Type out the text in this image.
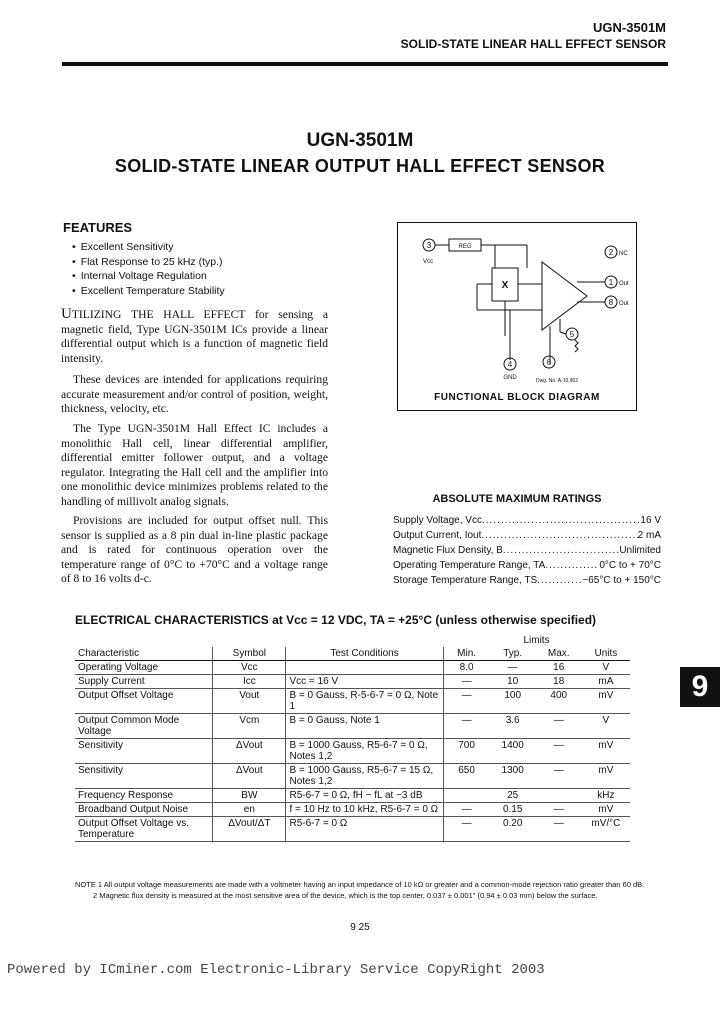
UGN-3501M
SOLID-STATE LINEAR HALL EFFECT SENSOR
UGN-3501M
SOLID-STATE LINEAR OUTPUT HALL EFFECT SENSOR
FEATURES
• Excellent Sensitivity
• Flat Response to 25 kHz (typ.)
• Internal Voltage Regulation
• Excellent Temperature Stability

UTILIZING THE HALL EFFECT for sensing a magnetic field, Type UGN-3501M ICs provide a linear differential output which is a function of magnetic field intensity.

These devices are intended for applications requiring accurate measurement and/or control of position, weight, thickness, velocity, etc.

The Type UGN-3501M Hall Effect IC includes a monolithic Hall cell, linear differential amplifier, differential emitter follower output, and a voltage regulator. Integrating the Hall cell and the amplifier into one monolithic device minimizes problems related to the handling of millivolt analog signals.

Provisions are included for output offset null. This sensor is supplied as a 8 pin dual in-line plastic package and is rated for continuous operation over the temperature range of 0°C to +70°C and a voltage range of 8 to 16 volts d-c.

3	REG
X
2
1
8
4
5
6
Vcc
NC
Out
Out
GND	Dwg. No. A-10,962
FUNCTIONAL BLOCK DIAGRAM
ABSOLUTE MAXIMUM RATINGS
Supply Voltage, Vcc .....	16 V
Output Current, Iout .....	2 mA
Magnetic Flux Density, B .....	Unlimited
Operating Temperature Range, TA .....	0°C to + 70°C
Storage Temperature Range, TS .....	−65°C to + 150°C
ELECTRICAL CHARACTERISTICS at Vcc = 12 VDC, TA = +25°C (unless otherwise specified)
			Limits			
Characteristic	Symbol	Test Conditions	Min.	Typ.	Max.	Units
Operating Voltage	Vcc		8.0	—	16	V
Supply Current	Icc	Vcc = 16 V	—	10	18	mA
Output Offset Voltage	Vout	B = 0 Gauss, R-5-6-7 = 0 Ω, Note 1	—	100	400	mV
Output Common Mode Voltage	Vcm	B = 0 Gauss, Note 1	—	3.6	—	V
Sensitivity	ΔVout	B = 1000 Gauss, R5-6-7 = 0 Ω, Notes 1,2	700	1400	—	mV
Sensitivity	ΔVout	B = 1000 Gauss, R5-6-7 = 15 Ω, Notes 1,2	650	1300	—	mV
Frequency Response	BW	R5-6-7 = 0 Ω, fH − fL at −3 dB		25		kHz
Broadband Output Noise	en	f = 10 Hz to 10 kHz, R5-6-7 = 0 Ω	—	0.15	—	mV
Output Offset Voltage vs. Temperature	ΔVout/ΔT	R5-6-7 = 0 Ω	—	0.20	—	mV/°C
NOTE 1 All output voltage measurements are made with a voltmeter having an input impedance of 10 kΩ or greater and a common-mode rejection ratio greater than 60 dB.
2 Magnetic flux density is measured at the most sensitive area of the device, which is the top center, 0.037 ± 0.001" (0.94 ± 0.03 mm) below the surface.
9
9 25
Powered by ICminer.com Electronic-Library Service CopyRight 2003
